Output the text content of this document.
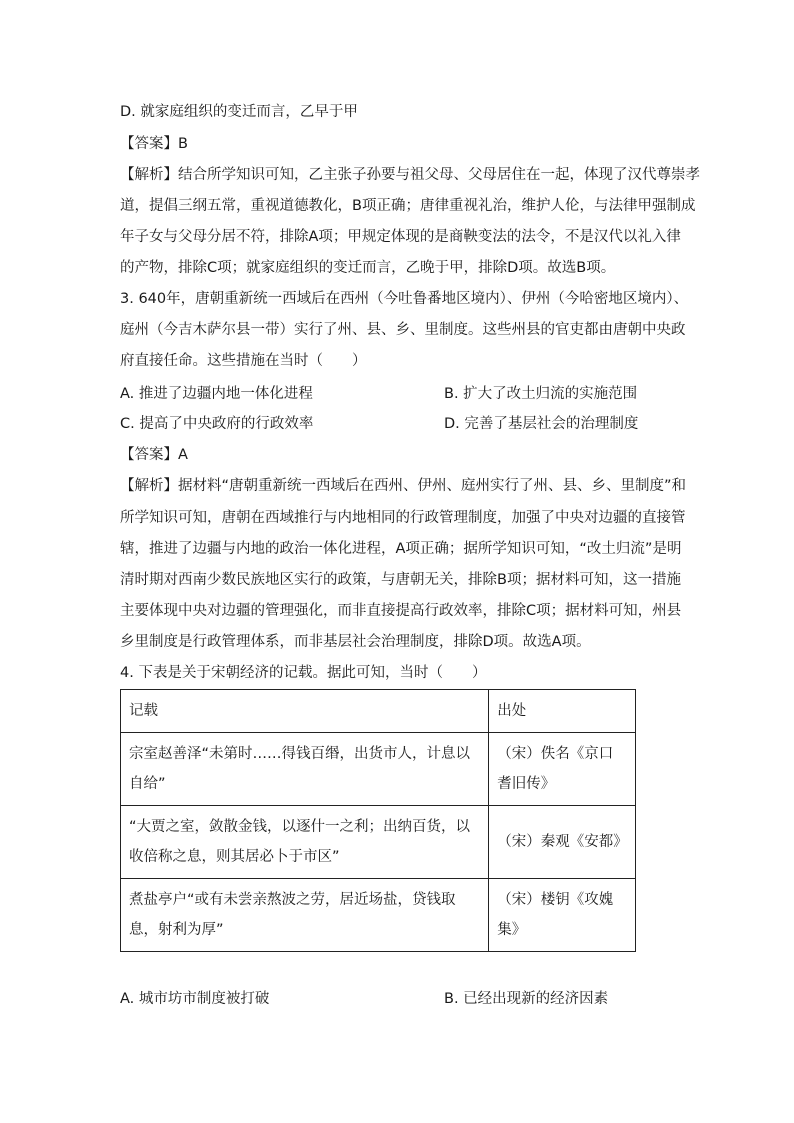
D. 就家庭组织的变迁而言，乙早于甲
【答案】B
【解析】结合所学知识可知，乙主张子孙要与祖父母、父母居住在一起，体现了汉代尊崇孝
道，提倡三纲五常，重视道德教化，B项正确；唐律重视礼治，维护人伦，与法律甲强制成
年子女与父母分居不符，排除A项；甲规定体现的是商鞅变法的法令，不是汉代以礼入律
的产物，排除C项；就家庭组织的变迁而言，乙晚于甲，排除D项。故选B项。
3. 640年，唐朝重新统一西域后在西州（今吐鲁番地区境内）、伊州（今哈密地区境内）、
庭州（今吉木萨尔县一带）实行了州、县、乡、里制度。这些州县的官吏都由唐朝中央政
府直接任命。这些措施在当时（　　）
A. 推进了边疆内地一体化进程	B. 扩大了改土归流的实施范围
C. 提高了中央政府的行政效率	D. 完善了基层社会的治理制度
【答案】A
【解析】据材料“唐朝重新统一西域后在西州、伊州、庭州实行了州、县、乡、里制度”和
所学知识可知，唐朝在西域推行与内地相同的行政管理制度，加强了中央对边疆的直接管
辖，推进了边疆与内地的政治一体化进程，A项正确；据所学知识可知，“改土归流”是明
清时期对西南少数民族地区实行的政策，与唐朝无关，排除B项；据材料可知，这一措施
主要体现中央对边疆的管理强化，而非直接提高行政效率，排除C项；据材料可知，州县
乡里制度是行政管理体系，而非基层社会治理制度，排除D项。故选A项。
4. 下表是关于宋朝经济的记载。据此可知，当时（　　）
记载	出处
宗室赵善泽“未第时……得钱百缗，出货市人，计息以自给”	（宋）佚名《京口耆旧传》
“大贾之室，敛散金钱，以逐什一之利；出纳百货，以收倍称之息，则其居必卜于市区”	（宋）秦观《安都》
煮盐亭户“或有未尝亲熬波之劳，居近场盐，贷钱取息，射利为厚”	（宋）楼钥《攻媿集》
A. 城市坊市制度被打破	B. 已经出现新的经济因素
